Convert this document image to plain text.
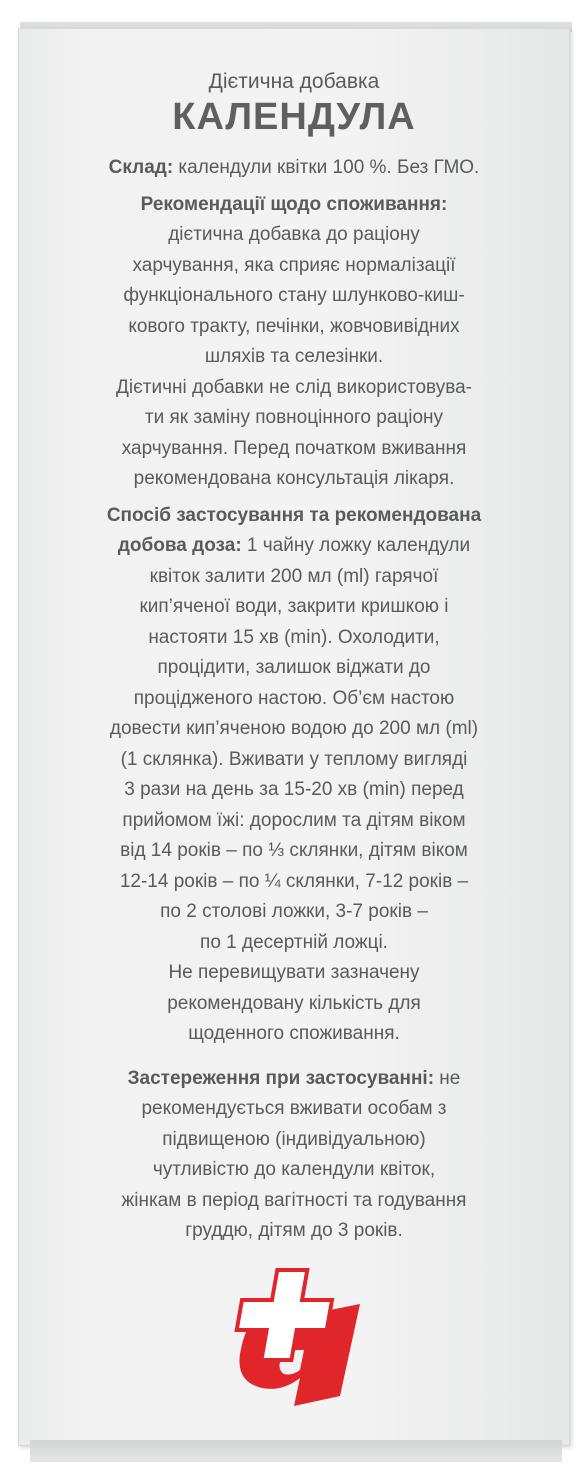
Дієтична добавка
КАЛЕНДУЛА

Склад: календули квітки 100 %. Без ГМО.

Рекомендації щодо споживання:
дієтична добавка до раціону
харчування, яка сприяє нормалізації
функціонального стану шлунково-киш-
кового тракту, печінки, жовчовивідних
шляхів та селезінки.
Дієтичні добавки не слід використовува-
ти як заміну повноцінного раціону
харчування. Перед початком вживання
рекомендована консультація лікаря.
Спосіб застосування та рекомендована
добова доза: 1 чайну ложку календули
квіток залити 200 мл (ml) гарячої
кип’яченої води, закрити кришкою і
настояти 15 хв (min). Охолодити,
процідити, залишок віджати до
процідженого настою. Об’єм настою
довести кип’яченою водою до 200 мл (ml)
(1 склянка). Вживати у теплому вигляді
3 рази на день за 15-20 хв (min) перед
прийомом їжі: дорослим та дітям віком
від 14 років – по ⅓ склянки, дітям віком
12-14 років – по ¼ склянки, 7-12 років –
по 2 столові ложки, 3-7 років –
по 1 десертній ложці.
Не перевищувати зазначену
рекомендовану кількість для
щоденного споживання.
Застереження при застосуванні: не
рекомендується вживати особам з
підвищеною (індивідуальною)
чутливістю до календули квіток,
жінкам в період вагітності та годування
груддю, дітям до 3 років.
